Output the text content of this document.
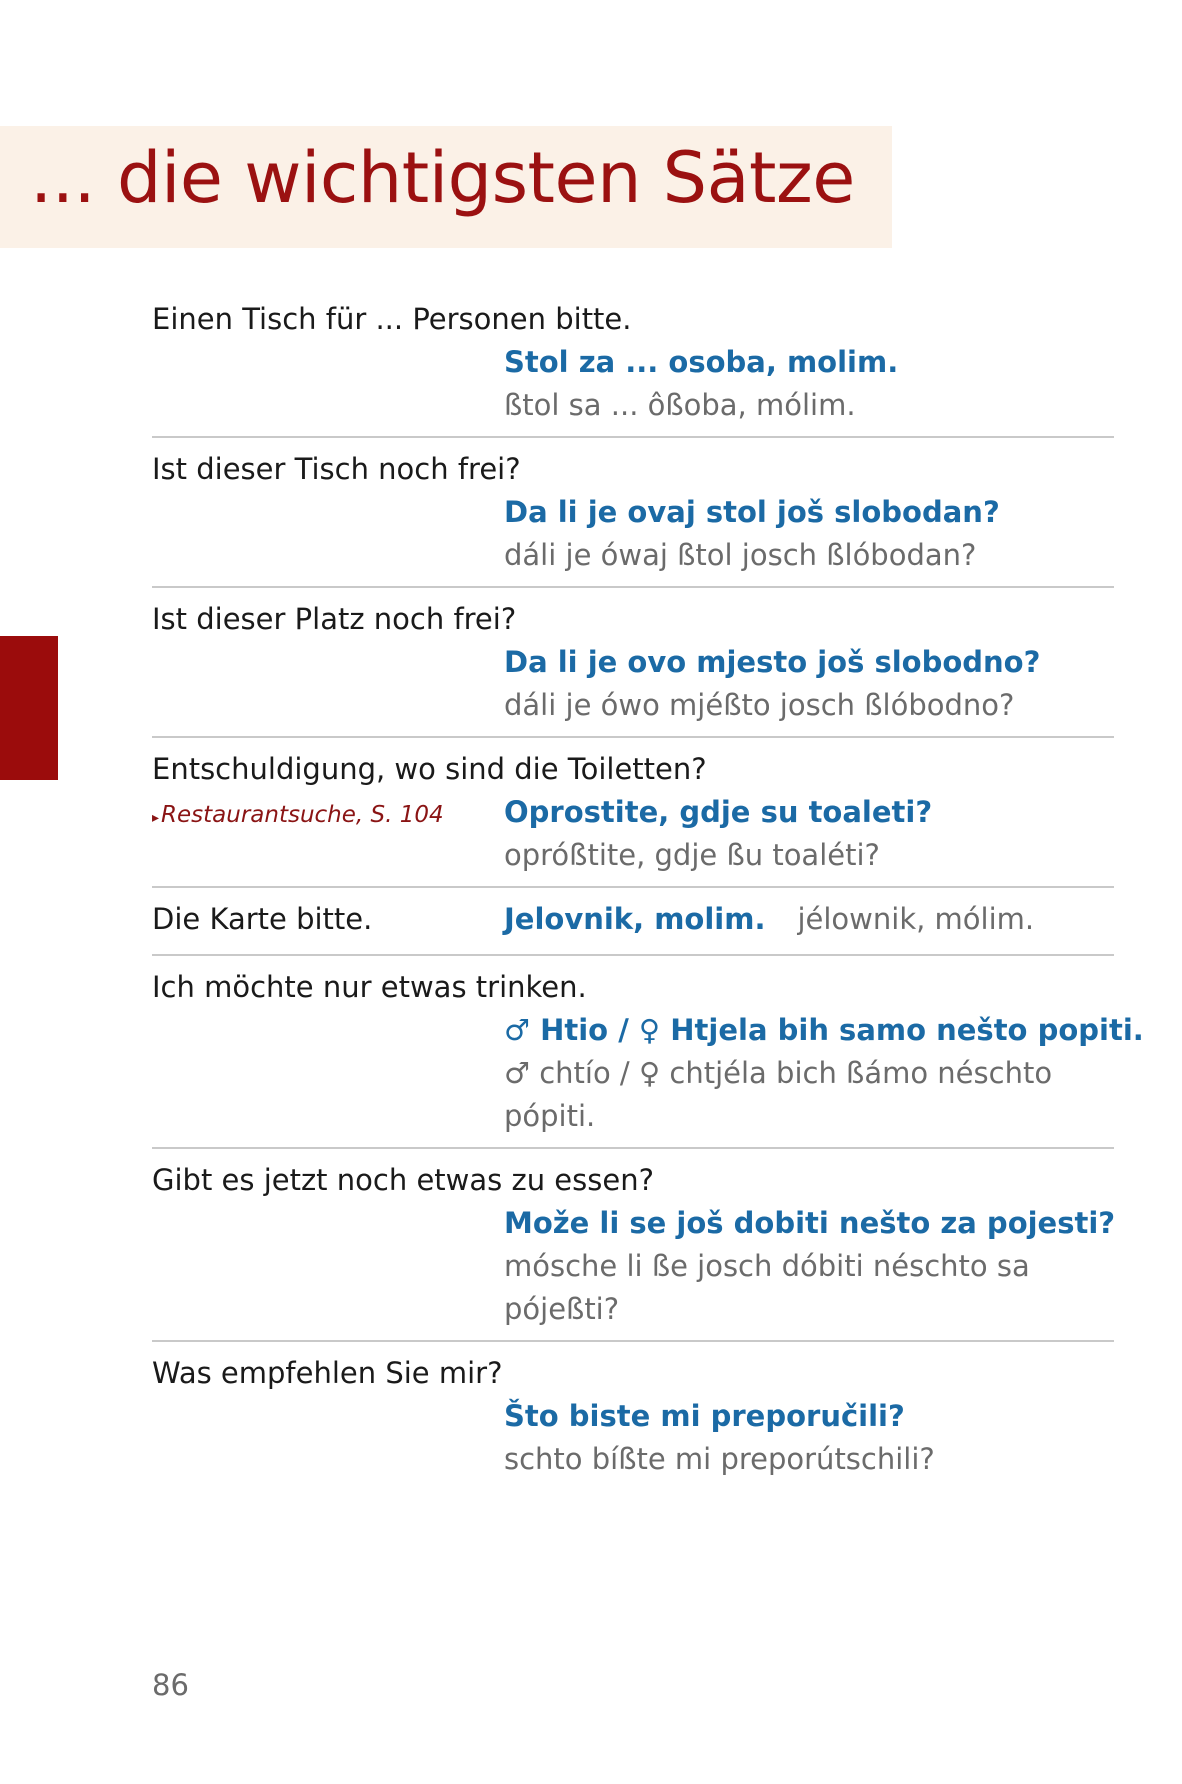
... die wichtigsten Sätze
Einen Tisch für ... Personen bitte.
Stol za ... osoba, molim.
ßtol sa ... ôßoba, mólim.
Ist dieser Tisch noch frei?
Da li je ovaj stol još slobodan?
dáli je ówaj ßtol josch ßlóbodan?
Ist dieser Platz noch frei?
Da li je ovo mjesto još slobodno?
dáli je ówo mjéßto josch ßlóbodno?
Entschuldigung, wo sind die Toiletten?
▸Restaurantsuche, S. 104	Oprostite, gdje su toaleti?
opróßtite, gdje ßu toaléti?
Die Karte bitte.	Jelovnik, molim. jélownik, mólim.
Ich möchte nur etwas trinken.
♂ Htio / ♀ Htjela bih samo nešto popiti.
♂ chtío / ♀ chtjéla bich ßámo néschto pópiti.
Gibt es jetzt noch etwas zu essen?
Može li se još dobiti nešto za pojesti?
mósche li ße josch dóbiti néschto sa pójeßti?
Was empfehlen Sie mir?
Što biste mi preporučili?
schto bíßte mi preporútschili?
86
